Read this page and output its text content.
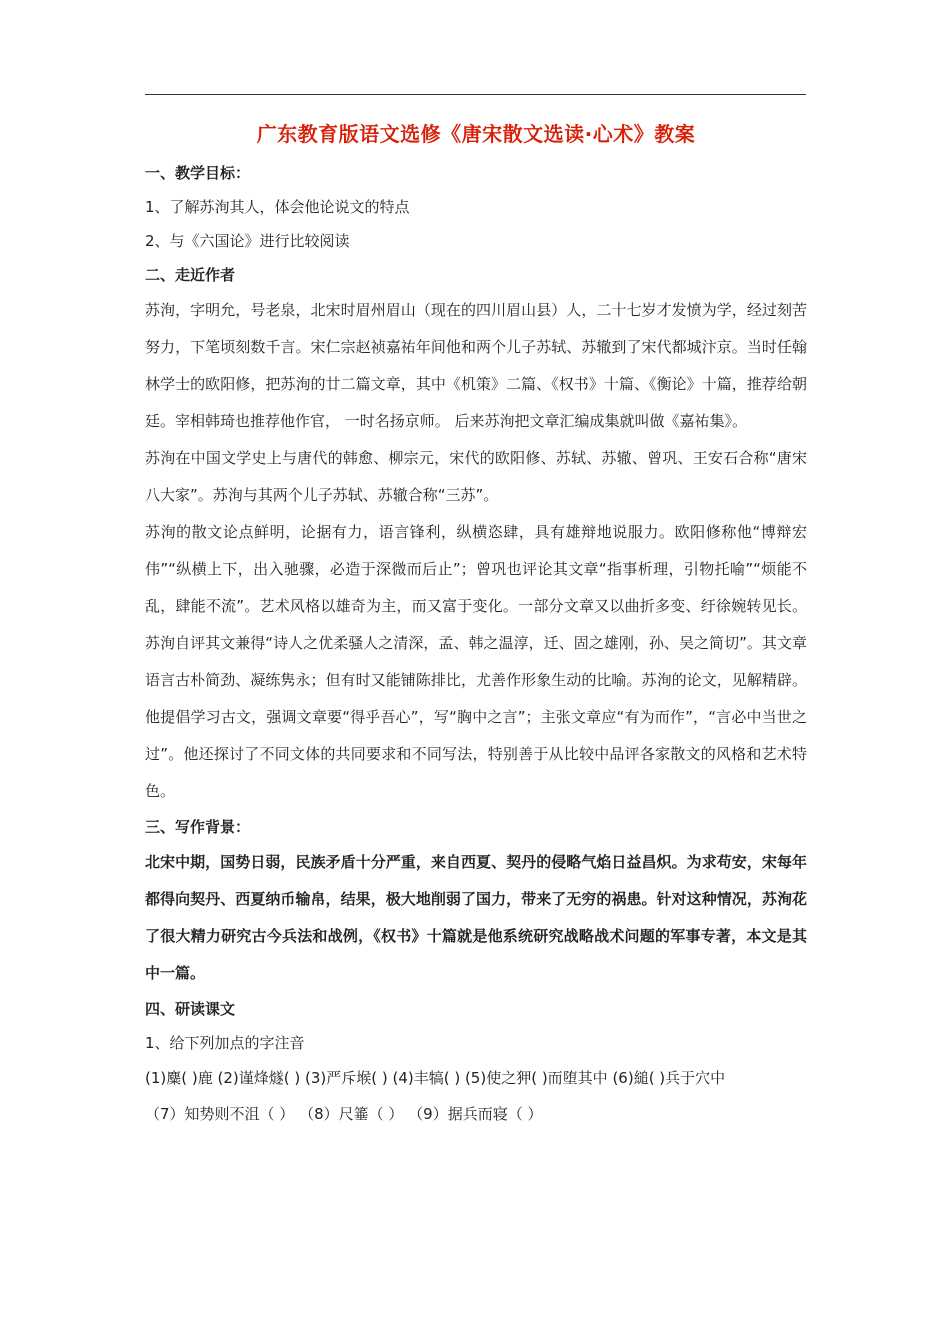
广东教育版语文选修《唐宋散文选读·心术》教案
一、教学目标：
1、了解苏洵其人，体会他论说文的特点
2、与《六国论》进行比较阅读
二、走近作者
苏洵，字明允，号老泉，北宋时眉州眉山（现在的四川眉山县）人，二十七岁才发愤为学，经过刻苦努力，下笔顷刻数千言。宋仁宗赵祯嘉祐年间他和两个儿子苏轼、苏辙到了宋代都城汴京。当时任翰林学士的欧阳修，把苏洵的廿二篇文章，其中《机策》二篇、《权书》十篇、《衡论》十篇，推荐给朝廷。宰相韩琦也推荐他作官， 一时名扬京师。 后来苏洵把文章汇编成集就叫做《嘉祐集》。
苏洵在中国文学史上与唐代的韩愈、柳宗元，宋代的欧阳修、苏轼、苏辙、曾巩、王安石合称“唐宋八大家”。苏洵与其两个儿子苏轼、苏辙合称“三苏”。
苏洵的散文论点鲜明，论据有力，语言锋利，纵横恣肆，具有雄辩地说服力。欧阳修称他“博辩宏伟”“纵横上下，出入驰骤，必造于深微而后止”；曾巩也评论其文章“指事析理，引物托喻”“烦能不乱，肆能不流”。艺术风格以雄奇为主，而又富于变化。一部分文章又以曲折多变、纡徐婉转见长。苏洵自评其文兼得“诗人之优柔骚人之清深，孟、韩之温淳，迁、固之雄刚，孙、吴之简切”。其文章语言古朴简劲、凝练隽永；但有时又能铺陈排比，尤善作形象生动的比喻。苏洵的论文，见解精辟。他提倡学习古文，强调文章要“得乎吾心”，写“胸中之言”；主张文章应“有为而作”，“言必中当世之过”。他还探讨了不同文体的共同要求和不同写法，特别善于从比较中品评各家散文的风格和艺术特色。
三、写作背景：
北宋中期，国势日弱，民族矛盾十分严重，来自西夏、契丹的侵略气焰日益昌炽。为求苟安，宋每年都得向契丹、西夏纳币输帛，结果，极大地削弱了国力，带来了无穷的祸患。针对这种情况，苏洵花了很大精力研究古今兵法和战例，《权书》十篇就是他系统研究战略战术问题的军事专著，本文是其中一篇。
四、研读课文
1、给下列加点的字注音
(1)麋( )鹿 (2)谨烽燧( ) (3)严斥堠( ) (4)丰犒( ) (5)使之狎( )而堕其中 (6)縋( )兵于穴中
（7）知势则不沮（ ） （8）尺箠（ ） （9）据兵而寝（ ）
